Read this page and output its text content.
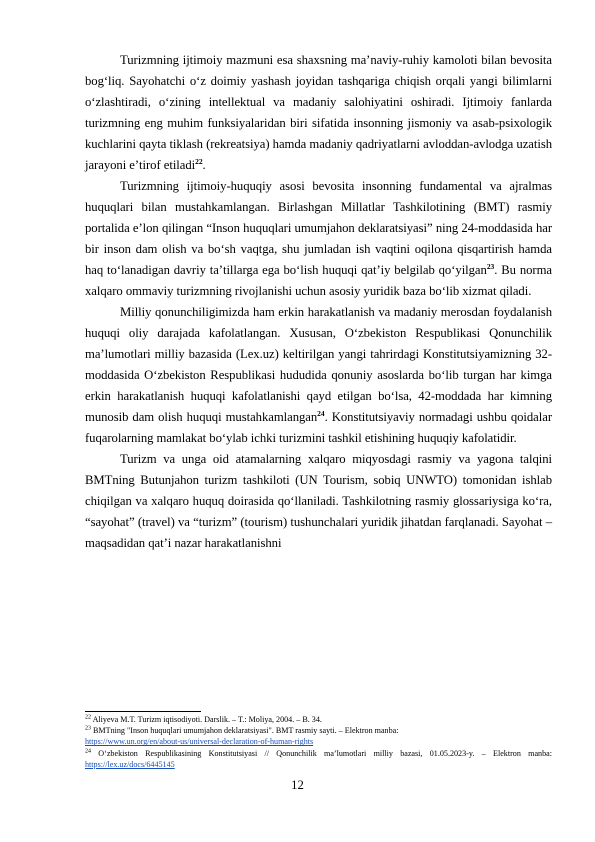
Turizmning ijtimoiy mazmuni esa shaxsning maʼnaviy-ruhiy kamoloti bilan bevosita bogʻliq. Sayohatchi oʻz doimiy yashash joyidan tashqariga chiqish orqali yangi bilimlarni oʻzlashtiradi, oʻzining intellektual va madaniy salohiyatini oshiradi. Ijtimoiy fanlarda turizmning eng muhim funksiyalaridan biri sifatida insonning jismoniy va asab-psixologik kuchlarini qayta tiklash (rekreatsiya) hamda madaniy qadriyatlarni avloddan-avlodga uzatish jarayoni eʼtirof etiladi$^{22}$.

Turizmning ijtimoiy-huquqiy asosi bevosita insonning fundamental va ajralmas huquqlari bilan mustahkamlangan. Birlashgan Millatlar Tashkilotining (BMT) rasmiy portalida eʼlon qilingan “Inson huquqlari umumjahon deklaratsiyasi” ning 24-moddasida har bir inson dam olish va boʻsh vaqtga, shu jumladan ish vaqtini oqilona qisqartirish hamda haq toʻlanadigan davriy taʼtillarga ega boʻlish huquqi qatʼiy belgilab qoʻyilgan$^{23}$. Bu norma xalqaro ommaviy turizmning rivojlanishi uchun asosiy yuridik baza boʻlib xizmat qiladi.

Milliy qonunchiligimizda ham erkin harakatlanish va madaniy merosdan foydalanish huquqi oliy darajada kafolatlangan. Xususan, Oʻzbekiston Respublikasi Qonunchilik maʼlumotlari milliy bazasida (Lex.uz) keltirilgan yangi tahrirdagi Konstitutsiyamizning 32-moddasida Oʻzbekiston Respublikasi hududida qonuniy asoslarda boʻlib turgan har kimga erkin harakatlanish huquqi kafolatlanishi qayd etilgan boʻlsa, 42-moddada har kimning munosib dam olish huquqi mustahkamlangan$^{24}$. Konstitutsiyaviy normadagi ushbu qoidalar fuqarolarning mamlakat boʻylab ichki turizmini tashkil etishining huquqiy kafolatidir.

Turizm va unga oid atamalarning xalqaro miqyosdagi rasmiy va yagona talqini BMTning Butunjahon turizm tashkiloti (UN Tourism, sobiq UNWTO) tomonidan ishlab chiqilgan va xalqaro huquq doirasida qoʻllaniladi. Tashkilotning rasmiy glossariysiga koʻra, “sayohat” (travel) va “turizm” (tourism) tushunchalari yuridik jihatdan farqlanadi. Sayohat – maqsadidan qatʼi nazar harakatlanishni

$^{22}$ Aliyeva M.T. Turizm iqtisodiyoti. Darslik. – T.: Moliya, 2004. – B. 34.

$^{23}$ BMTning "Inson huquqlari umumjahon deklaratsiyasi". BMT rasmiy sayti. – Elektron manba:
https://www.un.org/en/about-us/universal-declaration-of-human-rights

$^{24}$ Oʻzbekiston Respublikasining Konstitutsiyasi // Qonunchilik maʼlumotlari milliy bazasi, 01.05.2023-y. – Elektron manba: https://lex.uz/docs/6445145

12
